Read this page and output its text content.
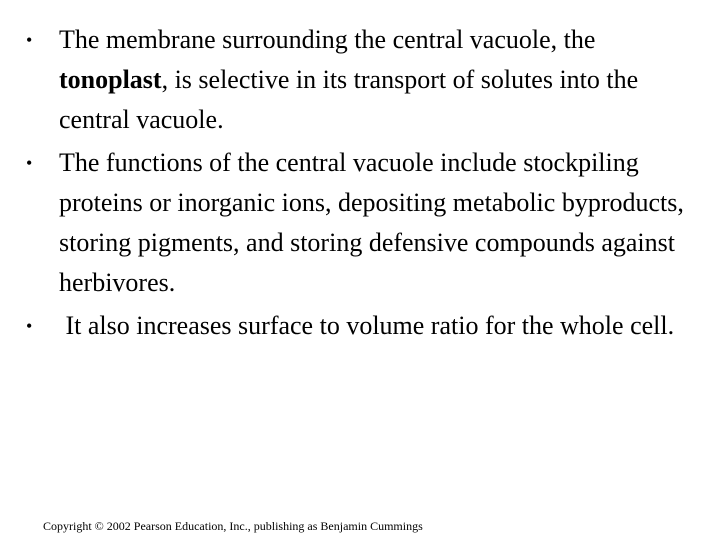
•	The membrane surrounding the central vacuole, the tonoplast, is selective in its transport of solutes into the central vacuole.
•	The functions of the central vacuole include stockpiling proteins or inorganic ions, depositing metabolic byproducts, storing pigments, and storing defensive compounds against herbivores.
•	It also increases surface to volume ratio for the whole cell.
Copyright © 2002 Pearson Education, Inc., publishing as Benjamin Cummings
